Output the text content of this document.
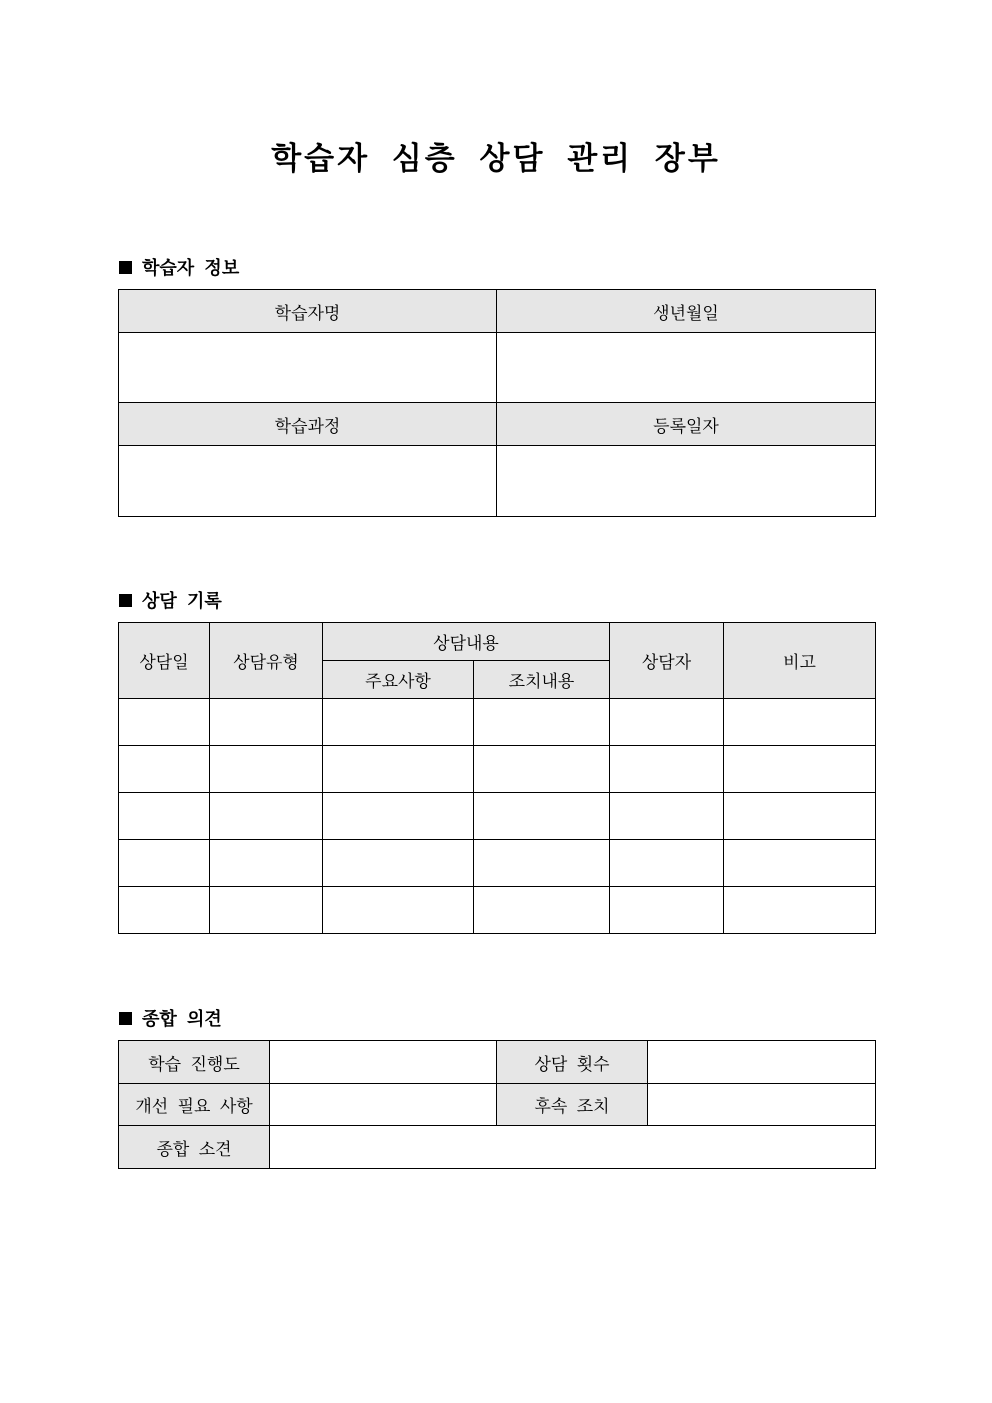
학습자 심층 상담 관리 장부
학습자 정보
학습자명	생년월일

학습과정	등록일자

상담 기록
상담일	상담유형	상담내용		상담자	비고
		주요사항	조치내용		

종합 의견
학습 진행도		상담 횟수	
개선 필요 사항		후속 조치	
종합 소견			
